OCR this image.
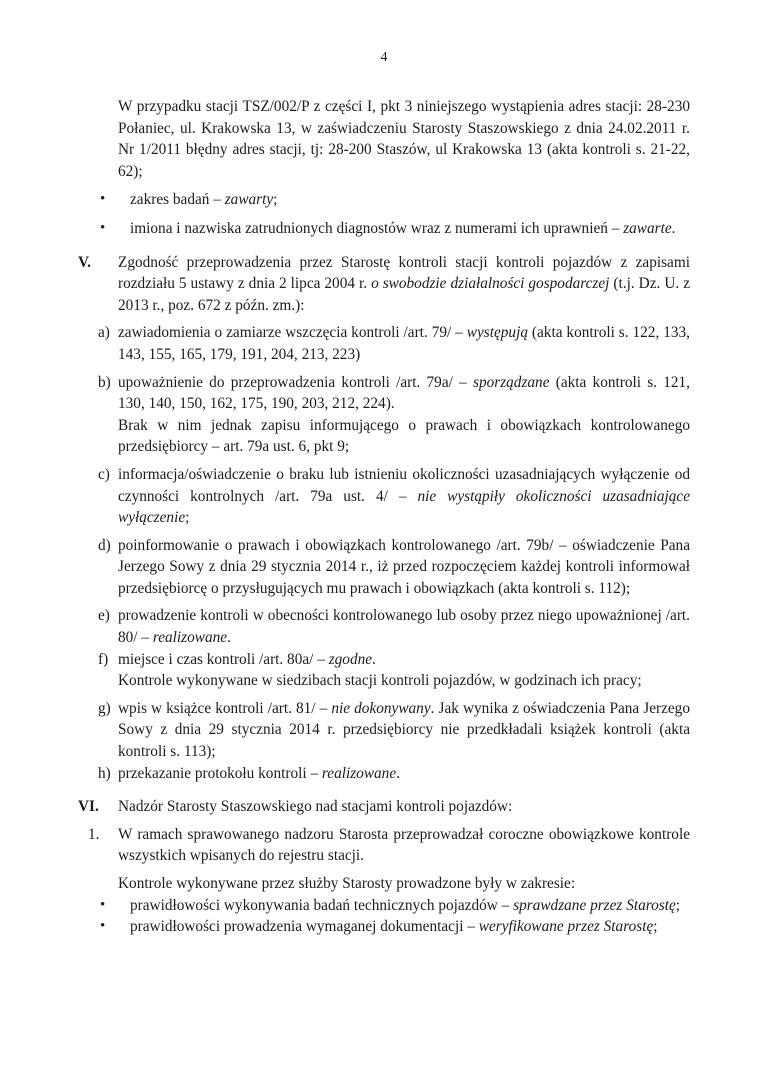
4

W przypadku stacji TSZ/002/P z części I, pkt 3 niniejszego wystąpienia adres stacji: 28-230 Połaniec, ul. Krakowska 13, w zaświadczeniu Starosty Staszowskiego z dnia 24.02.2011 r. Nr 1/2011 błędny adres stacji, tj: 28-200 Staszów, ul Krakowska 13 (akta kontroli s. 21-22, 62);

• zakres badań – zawarty;
• imiona i nazwiska zatrudnionych diagnostów wraz z numerami ich uprawnień – zawarte.
V.	Zgodność przeprowadzenia przez Starostę kontroli stacji kontroli pojazdów z zapisami rozdziału 5 ustawy z dnia 2 lipca 2004 r. o swobodzie działalności gospodarczej (t.j. Dz. U. z 2013 r., poz. 672 z późn. zm.):
a) zawiadomienia o zamiarze wszczęcia kontroli /art. 79/ – występują (akta kontroli s. 122, 133, 143, 155, 165, 179, 191, 204, 213, 223)
b) upoważnienie do przeprowadzenia kontroli /art. 79a/ – sporządzane (akta kontroli s. 121, 130, 140, 150, 162, 175, 190, 203, 212, 224).
Brak w nim jednak zapisu informującego o prawach i obowiązkach kontrolowanego przedsiębiorcy – art. 79a ust. 6, pkt 9;
c) informacja/oświadczenie o braku lub istnieniu okoliczności uzasadniających wyłączenie od czynności kontrolnych /art. 79a ust. 4/ – nie wystąpiły okoliczności uzasadniające wyłączenie;
d) poinformowanie o prawach i obowiązkach kontrolowanego /art. 79b/ – oświadczenie Pana Jerzego Sowy z dnia 29 stycznia 2014 r., iż przed rozpoczęciem każdej kontroli informował przedsiębiorcę o przysługujących mu prawach i obowiązkach (akta kontroli s. 112);
e) prowadzenie kontroli w obecności kontrolowanego lub osoby przez niego upoważnionej /art. 80/ – realizowane.
f) miejsce i czas kontroli /art. 80a/ – zgodne.
Kontrole wykonywane w siedzibach stacji kontroli pojazdów, w godzinach ich pracy;
g) wpis w książce kontroli /art. 81/ – nie dokonywany. Jak wynika z oświadczenia Pana Jerzego Sowy z dnia 29 stycznia 2014 r. przedsiębiorcy nie przedkładali książek kontroli (akta kontroli s. 113);
h) przekazanie protokołu kontroli – realizowane.
VI.	Nadzór Starosty Staszowskiego nad stacjami kontroli pojazdów:
1.	W ramach sprawowanego nadzoru Starosta przeprowadzał coroczne obowiązkowe kontrole wszystkich wpisanych do rejestru stacji.
Kontrole wykonywane przez służby Starosty prowadzone były w zakresie:
• prawidłowości wykonywania badań technicznych pojazdów – sprawdzane przez Starostę;
• prawidłowości prowadzenia wymaganej dokumentacji – weryfikowane przez Starostę;
